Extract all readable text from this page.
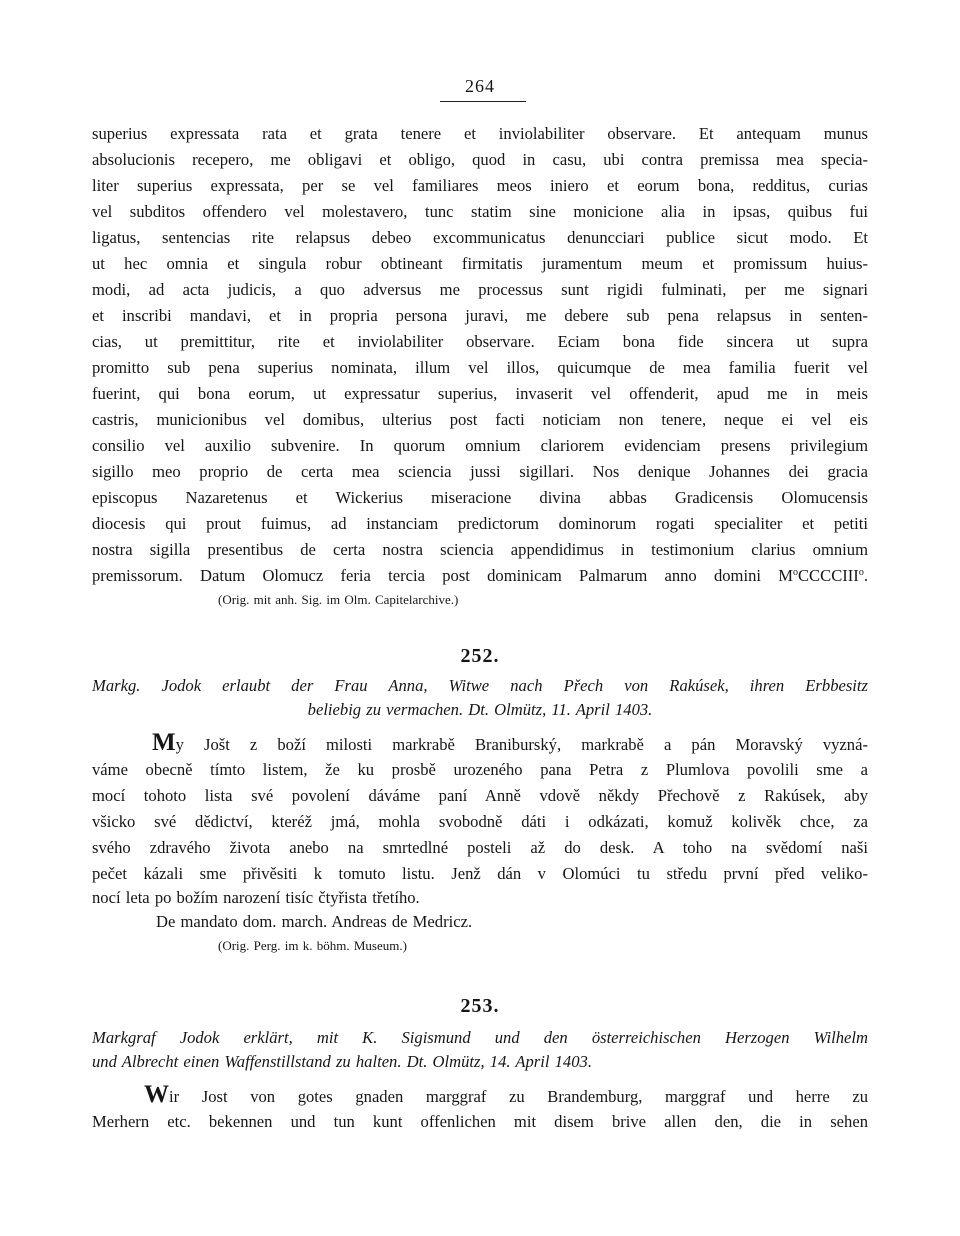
264
superius expressata rata et grata tenere et inviolabiliter observare. Et antequam munus
absolucionis recepero, me obligavi et obligo, quod in casu, ubi contra premissa mea specia-
liter superius expressata, per se vel familiares meos iniero et eorum bona, redditus, curias
vel subditos offendero vel molestavero, tunc statim sine monicione alia in ipsas, quibus fui
ligatus, sentencias rite relapsus debeo excommunicatus denuncciari publice sicut modo. Et
ut hec omnia et singula robur obtineant firmitatis juramentum meum et promissum huius-
modi, ad acta judicis, a quo adversus me processus sunt rigidi fulminati, per me signari
et inscribi mandavi, et in propria persona juravi, me debere sub pena relapsus in senten-
cias, ut premittitur, rite et inviolabiliter observare. Eciam bona fide sincera ut supra
promitto sub pena superius nominata, illum vel illos, quicumque de mea familia fuerit vel
fuerint, qui bona eorum, ut expressatur superius, invaserit vel offenderit, apud me in meis
castris, municionibus vel domibus, ulterius post facti noticiam non tenere, neque ei vel eis
consilio vel auxilio subvenire. In quorum omnium clariorem evidenciam presens privilegium
sigillo meo proprio de certa mea sciencia jussi sigillari. Nos denique Johannes dei gracia
episcopus Nazaretenus et Wickerius miseracione divina abbas Gradicensis Olomucensis
diocesis qui prout fuimus, ad instanciam predictorum dominorum rogati specialiter et petiti
nostra sigilla presentibus de certa nostra sciencia appendidimus in testimonium clarius omnium
premissorum. Datum Olomucz feria tercia post dominicam Palmarum anno domini $M^oCCCCIII^o$.
(Orig. mit anh. Sig. im Olm. Capitelarchive.)
252.
Markg. Jodok erlaubt der Frau Anna, Witwe nach Přech von Rakúsek, ihren Erbbesitz
beliebig zu vermachen. Dt. Olmütz, 11. April 1403.
My Jošt z boží milosti markrabě Braniburský, markrabě a pán Moravský vyzná-
váme obecně tímto listem, že ku prosbě urozeného pana Petra z Plumlova povolili sme a
mocí tohoto lista své povolení dáváme paní Anně vdově někdy Přechově z Rakúsek, aby
všicko své dědictví, kteréž jmá, mohla svobodně dáti i odkázati, komuž kolivěk chce, za
svého zdravého života anebo na smrtedlné posteli až do desk. A toho na svědomí naši
pečet kázali sme přivěsiti k tomuto listu. Jenž dán v Olomúci tu středu první před veliko-
nocí leta po božím narození tisíc čtyřista třetího.
De mandato dom. march. Andreas de Medricz.
(Orig. Perg. im k. böhm. Museum.)
253.
Markgraf Jodok erklärt, mit K. Sigismund und den österreichischen Herzogen Wilhelm
und Albrecht einen Waffenstillstand zu halten. Dt. Olmütz, 14. April 1403.
Wir Jost von gotes gnaden marggraf zu Brandemburg, marggraf und herre zu
Merhern etc. bekennen und tun kunt offenlichen mit disem brive allen den, die in sehen
